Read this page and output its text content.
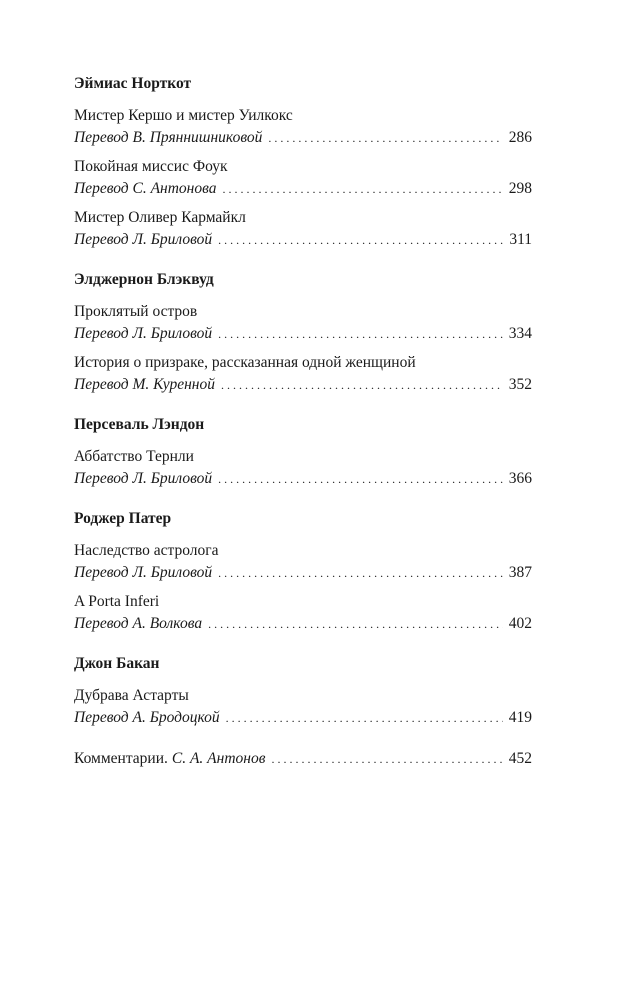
Эймиас Норткот
Мистер Кершо и мистер Уилкокс
Перевод В. Пряннишниковой .....	286
Покойная миссис Фоук
Перевод С. Антонова .....	298
Мистер Оливер Кармайкл
Перевод Л. Бриловой .....	311
Элджернон Блэквуд
Проклятый остров
Перевод Л. Бриловой .....	334
История о призраке, рассказанная одной женщиной
Перевод М. Куренной .....	352
Персеваль Лэндон
Аббатство Тернли
Перевод Л. Бриловой .....	366
Роджер Патер
Наследство астролога
Перевод Л. Бриловой .....	387
A Porta Inferi
Перевод А. Волкова .....	402
Джон Бакан
Дубрава Астарты
Перевод А. Бродоцкой .....	419
Комментарии. С. А. Антонов .....	452
